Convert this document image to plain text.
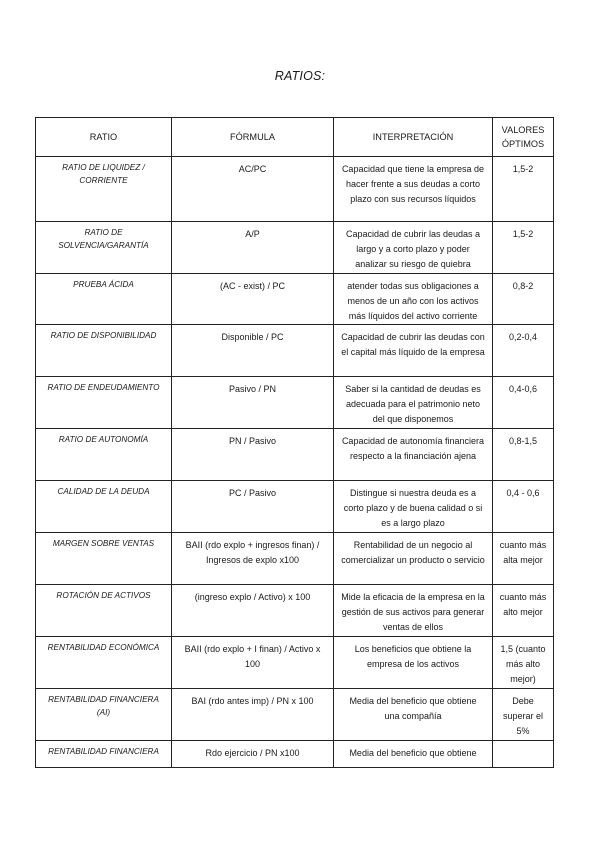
RATIOS:
RATIO	FÓRMULA	INTERPRETACIÓN	VALORES ÓPTIMOS
RATIO DE LIQUIDEZ / CORRIENTE	AC/PC	Capacidad que tiene la empresa de hacer frente a sus deudas a corto plazo con sus recursos líquidos	1,5-2
RATIO DE SOLVENCIA/GARANTÍA	A/P	Capacidad de cubrir las deudas a largo y a corto plazo y poder analizar su riesgo de quiebra	1,5-2
PRUEBA ÁCIDA	(AC - exist) / PC	atender todas sus obligaciones a menos de un año con los activos más líquidos del activo corriente	0,8-2
RATIO DE DISPONIBILIDAD	Disponible / PC	Capacidad de cubrir las deudas con el capital más líquido de la empresa	0,2-0,4
RATIO DE ENDEUDAMIENTO	Pasivo / PN	Saber si la cantidad de deudas es adecuada para el patrimonio neto del que disponemos	0,4-0,6
RATIO DE AUTONOMÍA	PN / Pasivo	Capacidad de autonomía financiera respecto a la financiación ajena	0,8-1,5
CALIDAD DE LA DEUDA	PC / Pasivo	Distingue si nuestra deuda es a corto plazo y de buena calidad o si es a largo plazo	0,4 - 0,6
MARGEN SOBRE VENTAS	BAII (rdo explo + ingresos finan) / Ingresos de explo x100	Rentabilidad de un negocio al comercializar un producto o servicio	cuanto más alta mejor
ROTACIÓN DE ACTIVOS	(ingreso explo / Activo) x 100	Mide la eficacia de la empresa en la gestión de sus activos para generar ventas de ellos	cuanto más alto mejor
RENTABILIDAD ECONÓMICA	BAII (rdo explo + I finan) / Activo x 100	Los beneficios que obtiene la empresa de los activos	1,5 (cuanto más alto mejor)
RENTABILIDAD FINANCIERA (AI)	BAI (rdo antes imp) / PN x 100	Media del beneficio que obtiene una compañía	Debe superar el 5%
RENTABILIDAD FINANCIERA	Rdo ejercicio / PN x100	Media del beneficio que obtiene	
